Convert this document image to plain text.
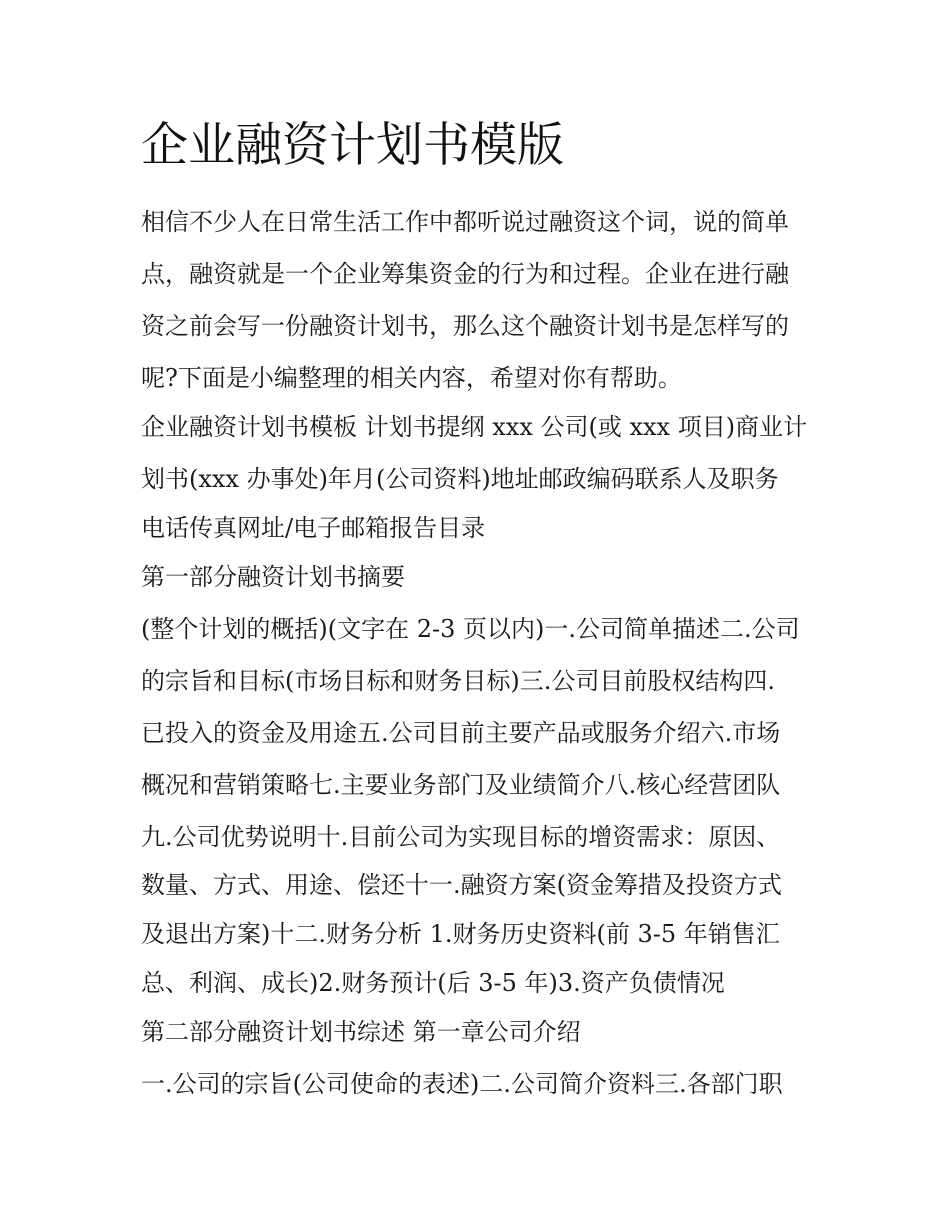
企业融资计划书模版

相信不少人在日常生活工作中都听说过融资这个词，说的简单

点，融资就是一个企业筹集资金的行为和过程。企业在进行融

资之前会写一份融资计划书，那么这个融资计划书是怎样写的

呢?下面是小编整理的相关内容，希望对你有帮助。

企业融资计划书模板 计划书提纲 xxx 公司(或 xxx 项目)商业计

划书(xxx 办事处)年月(公司资料)地址邮政编码联系人及职务

电话传真网址/电子邮箱报告目录

第一部分融资计划书摘要

(整个计划的概括)(文字在 2-3 页以内)一.公司简单描述二.公司

的宗旨和目标(市场目标和财务目标)三.公司目前股权结构四.

已投入的资金及用途五.公司目前主要产品或服务介绍六.市场

概况和营销策略七.主要业务部门及业绩简介八.核心经营团队

九.公司优势说明十.目前公司为实现目标的增资需求：原因、

数量、方式、用途、偿还十一.融资方案(资金筹措及投资方式

及退出方案)十二.财务分析 1.财务历史资料(前 3-5 年销售汇

总、利润、成长)2.财务预计(后 3-5 年)3.资产负债情况

第二部分融资计划书综述 第一章公司介绍

一.公司的宗旨(公司使命的表述)二.公司简介资料三.各部门职
